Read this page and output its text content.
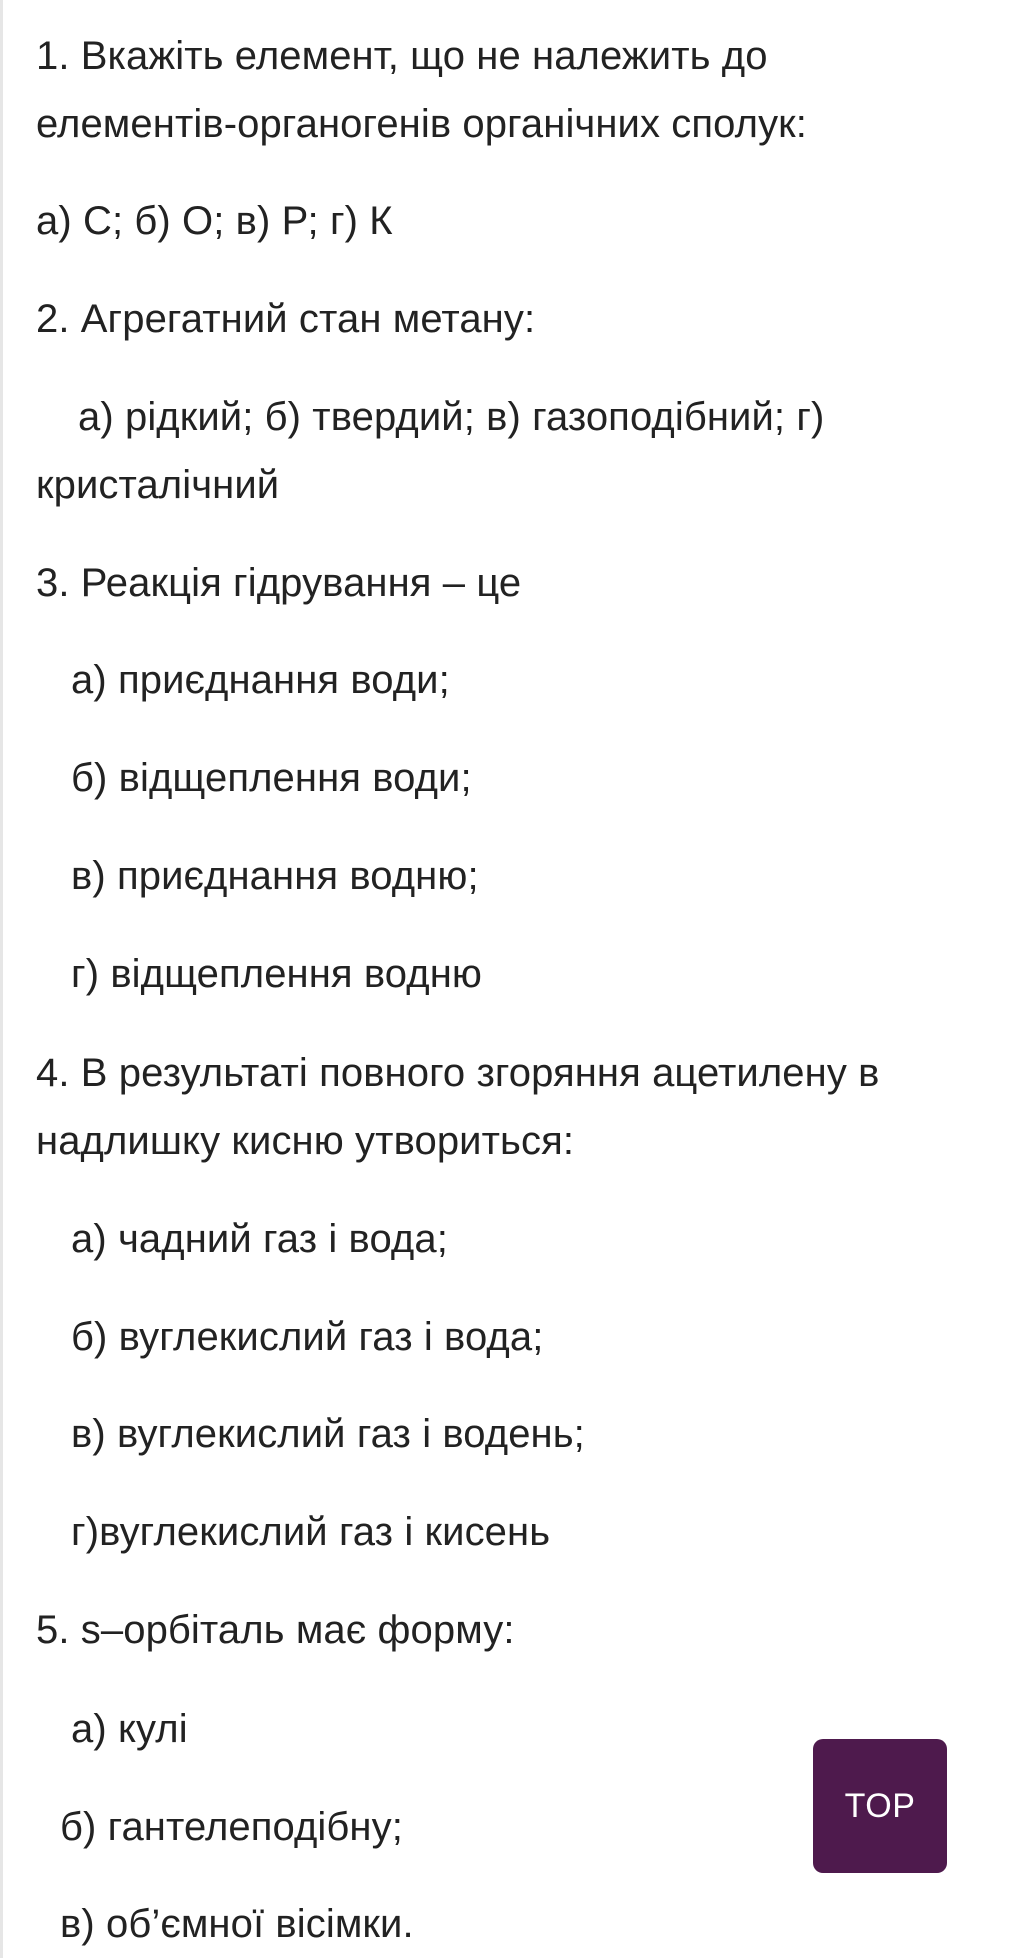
1. Вкажіть елемент, що не належить до
елементів-органогенів органічних сполук:
а) С; б) О; в) Р; г) К
2. Агрегатний стан метану:
а) рідкий; б) твердий; в) газоподібний; г)
кристалічний
3. Реакція гідрування – це
а) приєднання води;
б) відщеплення води;
в) приєднання водню;
г) відщеплення водню
4. В результаті повного згоряння ацетилену в
надлишку кисню утвориться:
а) чадний газ і вода;
б) вуглекислий газ і вода;
в) вуглекислий газ і водень;
г)вуглекислий газ і кисень
5. s–орбіталь має форму:
а) кулі
б) гантелеподібну;
в) об’ємної вісімки.
TOP
